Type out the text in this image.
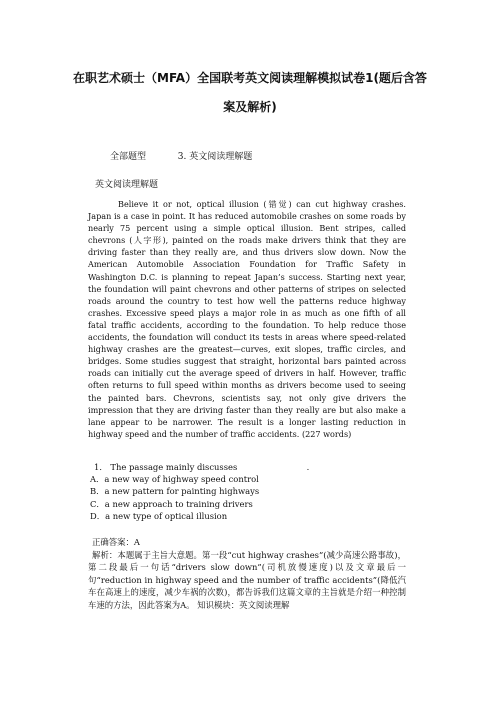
在职艺术硕士（MFA）全国联考英文阅读理解模拟试卷1(题后含答案及解析)
全部题型	3. 英文阅读理解题
英文阅读理解题

Believe it or not, optical illusion (错觉) can cut highway crashes. Japan is a case in point. It has reduced automobile crashes on some roads by nearly 75 percent using a simple optical illusion. Bent stripes, called chevrons (人字形), painted on the roads make drivers think that they are driving faster than they really are, and thus drivers slow down. Now the American Automobile Association Foundation for Traffic Safety in Washington D.C. is planning to repeat Japan’s success. Starting next year, the foundation will paint chevrons and other patterns of stripes on selected roads around the country to test how well the patterns reduce highway crashes. Excessive speed plays a major role in as much as one fifth of all fatal traffic accidents, according to the foundation. To help reduce those accidents, the foundation will conduct its tests in areas where speed-related highway crashes are the greatest—curves, exit slopes, traffic circles, and bridges. Some studies suggest that straight, horizontal bars painted across roads can initially cut the average speed of drivers in half. However, traffic often returns to full speed within months as drivers become used to seeing the painted bars. Chevrons, scientists say, not only give drivers the impression that they are driving faster than they really are but also make a lane appear to be narrower. The result is a longer lasting reduction in highway speed and the number of traffic accidents. (227 words)

1． The passage mainly discusses	.
A．a new way of highway speed control
B．a new pattern for painting highways
C．a new approach to training drivers
D．a new type of optical illusion
正确答案：A

解析：本题属于主旨大意题。第一段“cut highway crashes”(减少高速公路事故)，第二段最后一句话“drivers slow down”(司机放慢速度)以及文章最后一句“reduction in highway speed and the number of traffic accidents”(降低汽车在高速上的速度，减少车祸的次数)，都告诉我们这篇文章的主旨就是介绍一种控制车速的方法，因此答案为A。 知识模块：英文阅读理解
